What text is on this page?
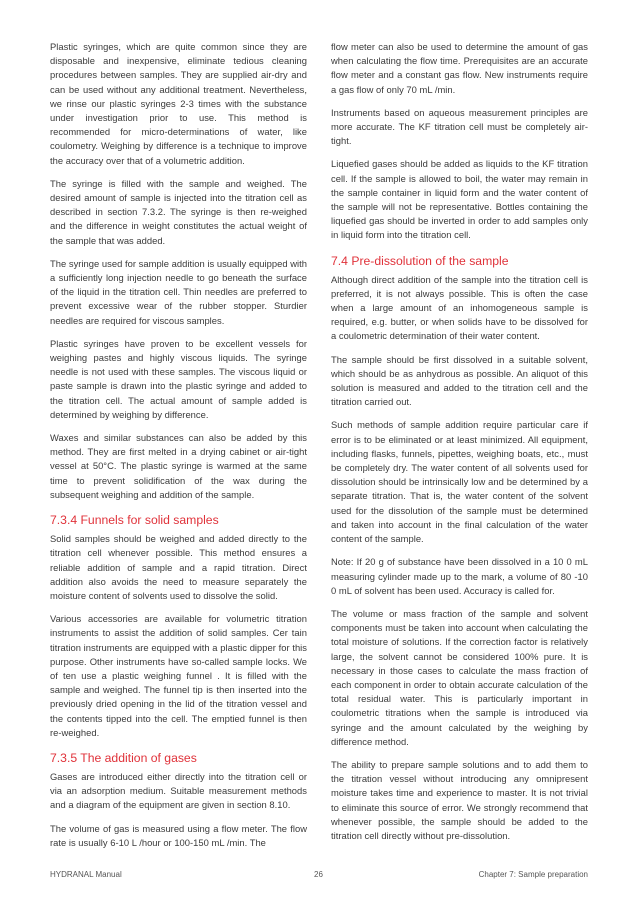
Plastic syringes, which are quite common since they are disposable and inexpensive, eliminate tedious cleaning procedures between samples. They are supplied air-dry and can be used without any additional treatment. Nevertheless, we rinse our plastic syringes 2-3 times with the substance under investigation prior to use. This method is recommended for micro-determinations of water, like coulometry. Weighing by difference is a technique to improve the accuracy over that of a volumetric addition.

The syringe is filled with the sample and weighed. The desired amount of sample is injected into the titration cell as described in section 7.3.2. The syringe is then re-weighed and the difference in weight constitutes the actual weight of the sample that was added.

The syringe used for sample addition is usually equipped with a sufficiently long injection needle to go beneath the surface of the liquid in the titration cell. Thin needles are preferred to prevent excessive wear of the rubber stopper. Sturdier needles are required for viscous samples.

Plastic syringes have proven to be excellent vessels for weighing pastes and highly viscous liquids. The syringe needle is not used with these samples. The viscous liquid or paste sample is drawn into the plastic syringe and added to the titration cell. The actual amount of sample added is determined by weighing by difference.

Waxes and similar substances can also be added by this method. They are first melted in a drying cabinet or air-tight vessel at 50°C. The plastic syringe is warmed at the same time to prevent solidification of the wax during the subsequent weighing and addition of the sample.

7.3.4 Funnels for solid samples

Solid samples should be weighed and added directly to the titration cell whenever possible. This method ensures a reliable addition of sample and a rapid titration. Direct addition also avoids the need to measure separately the moisture content of solvents used to dissolve the solid.

Various accessories are available for volumetric titration instruments to assist the addition of solid samples. Cer tain titration instruments are equipped with a plastic dipper for this purpose. Other instruments have so-called sample locks. We of ten use a plastic weighing funnel . It is filled with the sample and weighed. The funnel tip is then inserted into the previously dried opening in the lid of the titration vessel and the contents tipped into the cell. The emptied funnel is then re-weighed.

7.3.5 The addition of gases

Gases are introduced either directly into the titration cell or via an adsorption medium. Suitable measurement methods and a diagram of the equipment are given in section 8.10.

The volume of gas is measured using a flow meter. The flow rate is usually 6-10 L /hour or 100-150 mL /min. The

flow meter can also be used to determine the amount of gas when calculating the flow time. Prerequisites are an accurate flow meter and a constant gas flow. New instruments require a gas flow of only 70 mL /min.

Instruments based on aqueous measurement principles are more accurate. The KF titration cell must be completely air-tight.

Liquefied gases should be added as liquids to the KF titration cell. If the sample is allowed to boil, the water may remain in the sample container in liquid form and the water content of the sample will not be representative. Bottles containing the liquefied gas should be inverted in order to add samples only in liquid form into the titration cell.

7.4 Pre-dissolution of the sample

Although direct addition of the sample into the titration cell is preferred, it is not always possible. This is often the case when a large amount of an inhomogeneous sample is required, e.g. butter, or when solids have to be dissolved for a coulometric determination of their water content.

The sample should be first dissolved in a suitable solvent, which should be as anhydrous as possible. An aliquot of this solution is measured and added to the titration cell and the titration carried out.

Such methods of sample addition require particular care if error is to be eliminated or at least minimized. All equipment, including flasks, funnels, pipettes, weighing boats, etc., must be completely dry. The water content of all solvents used for dissolution should be intrinsically low and be determined by a separate titration. That is, the water content of the solvent used for the dissolution of the sample must be determined and taken into account in the final calculation of the water content of the sample.

Note: If 20 g of substance have been dissolved in a 10 0 mL measuring cylinder made up to the mark, a volume of 80 -10 0 mL of solvent has been used. Accuracy is called for.

The volume or mass fraction of the sample and solvent components must be taken into account when calculating the total moisture of solutions. If the correction factor is relatively large, the solvent cannot be considered 100% pure. It is necessary in those cases to calculate the mass fraction of each component in order to obtain accurate calculation of the total residual water. This is particularly important in coulometric titrations when the sample is introduced via syringe and the amount calculated by the weighing by difference method.

The ability to prepare sample solutions and to add them to the titration vessel without introducing any omnipresent moisture takes time and experience to master. It is not trivial to eliminate this source of error. We strongly recommend that whenever possible, the sample should be added to the titration cell directly without pre-dissolution.

HYDRANAL Manual	26	Chapter 7: Sample preparation
